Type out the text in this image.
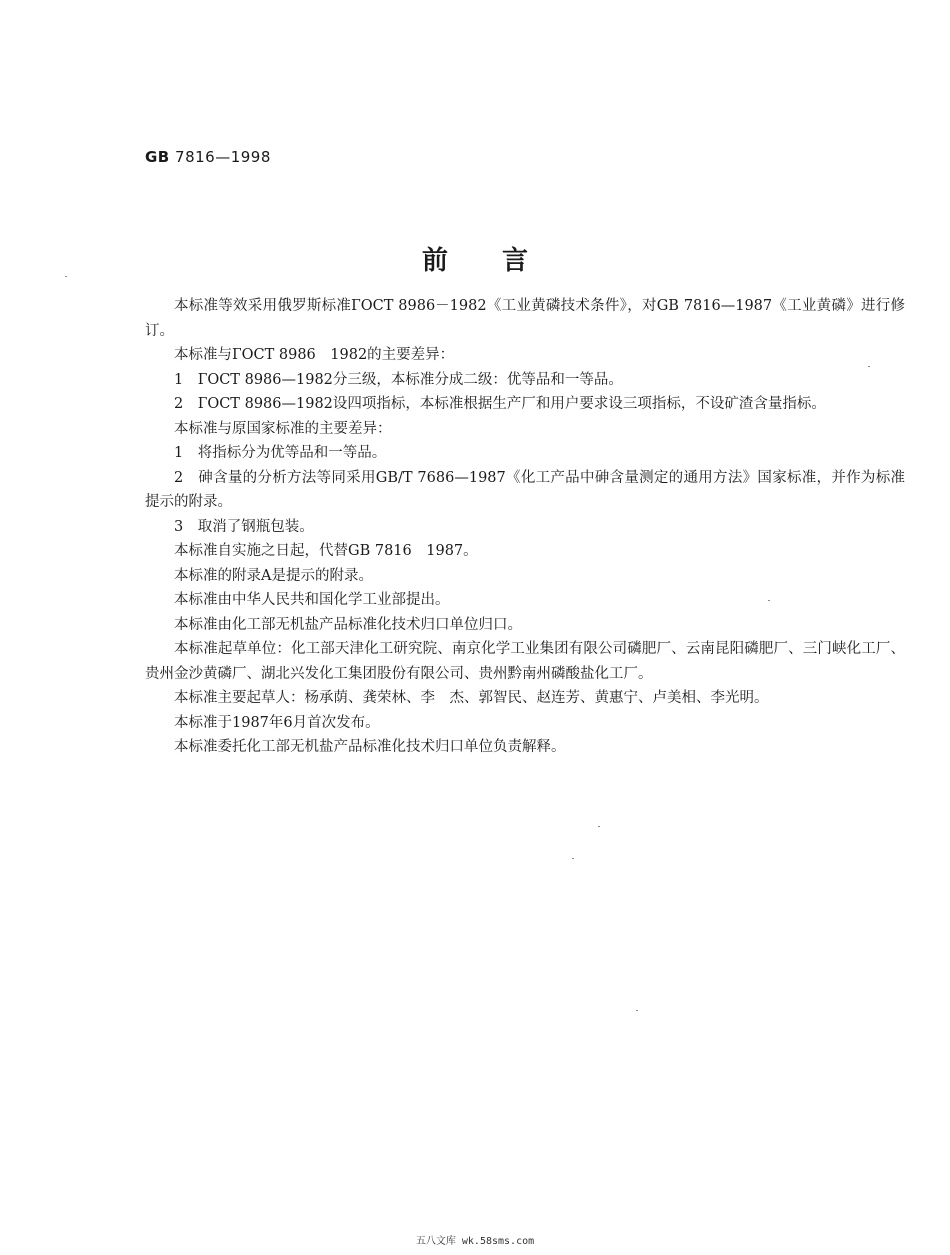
GB 7816—1998
前言

本标准等效采用俄罗斯标准ГОСТ 8986－1982《工业黄磷技术条件》，对GB 7816—1987《工业黄磷》进行修订。

本标准与ГОСТ 8986　1982的主要差异：

1　ГОСТ 8986—1982分三级，本标准分成二级：优等品和一等品。

2　ГОСТ 8986—1982设四项指标，本标准根据生产厂和用户要求设三项指标，不设矿渣含量指标。

本标准与原国家标准的主要差异：

1　将指标分为优等品和一等品。

2　砷含量的分析方法等同采用GB/T 7686—1987《化工产品中砷含量测定的通用方法》国家标准，并作为标准提示的附录。

3　取消了钢瓶包装。

本标准自实施之日起，代替GB 7816　1987。

本标准的附录A是提示的附录。

本标准由中华人民共和国化学工业部提出。

本标准由化工部无机盐产品标准化技术归口单位归口。

本标准起草单位：化工部天津化工研究院、南京化学工业集团有限公司磷肥厂、云南昆阳磷肥厂、三门峡化工厂、贵州金沙黄磷厂、湖北兴发化工集团股份有限公司、贵州黔南州磷酸盐化工厂。

本标准主要起草人：杨承荫、龚荣林、李　杰、郭智民、赵连芳、黄惠宁、卢美相、李光明。

本标准于1987年6月首次发布。

本标准委托化工部无机盐产品标准化技术归口单位负责解释。

五八文库 wk.58sms.com
